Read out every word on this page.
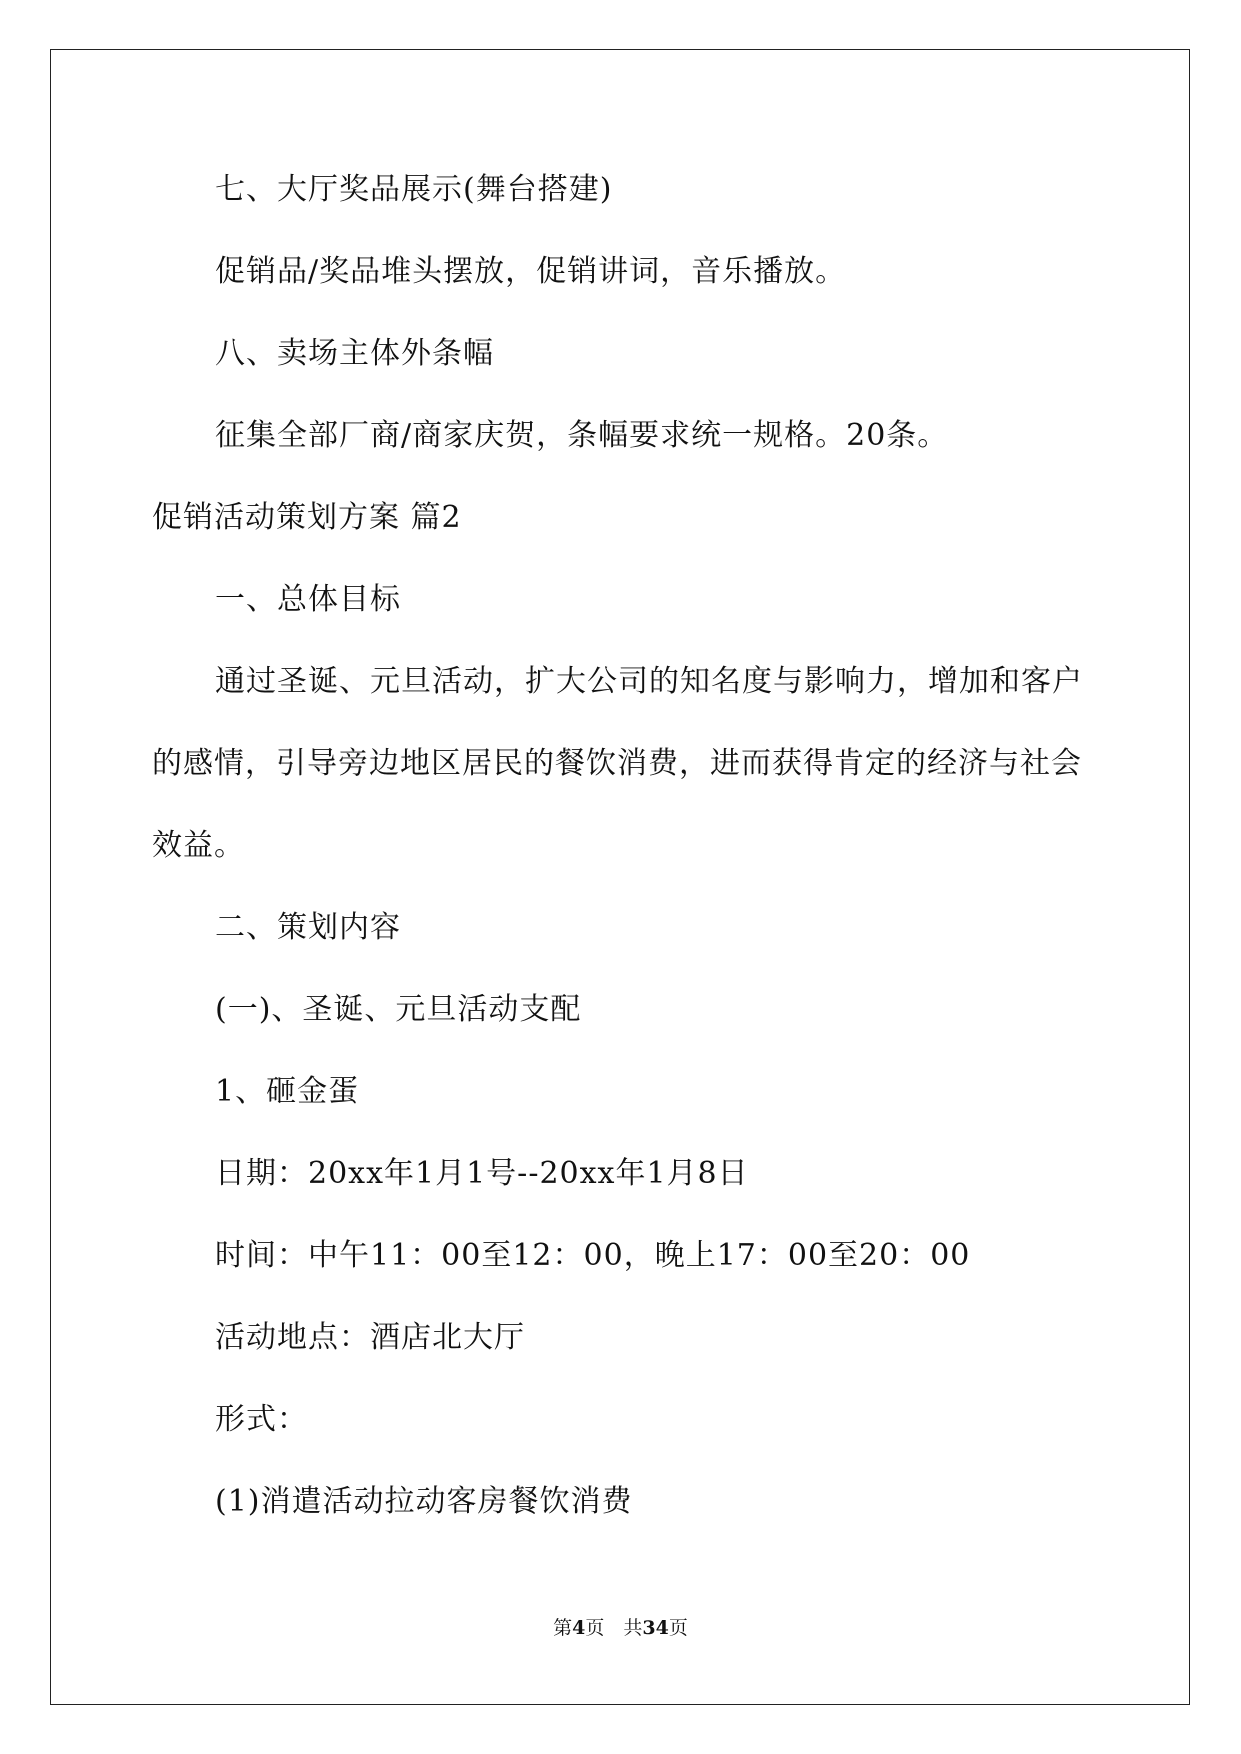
七、大厅奖品展示(舞台搭建)
促销品/奖品堆头摆放，促销讲词，音乐播放。
八、卖场主体外条幅
征集全部厂商/商家庆贺，条幅要求统一规格。20条。
促销活动策划方案 篇2
一、总体目标
通过圣诞、元旦活动，扩大公司的知名度与影响力，增加和客户
的感情，引导旁边地区居民的餐饮消费，进而获得肯定的经济与社会
效益。
二、策划内容
(一)、圣诞、元旦活动支配
1、砸金蛋
日期：20xx年1月1号--20xx年1月8日
时间：中午11：00至12：00，晚上17：00至20：00
活动地点：酒店北大厅
形式：
(1)消遣活动拉动客房餐饮消费
第4页　共34页
